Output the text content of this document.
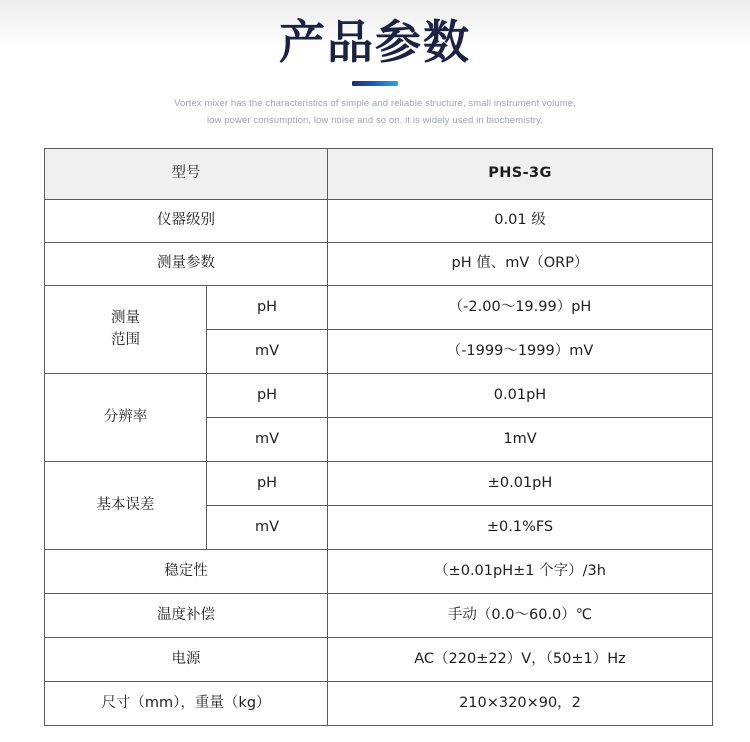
产品参数
Vortex mixer has the characteristics of simple and reliable structure, small instrument volume,
low power consumption, low noise and so on. it is widely used in biochemistry,
型号		PHS-3G
仪器级别		0.01 级
测量参数		pH 值、mV（ORP）
测量
范围	pH	（-2.00～19.99）pH
	mV	（-1999～1999）mV
分辨率	pH	0.01pH
	mV	1mV
基本误差	pH	±0.01pH
	mV	±0.1%FS
稳定性		（±0.01pH±1 个字）/3h
温度补偿		手动（0.0～60.0）℃
电源		AC（220±22）V，（50±1）Hz
尺寸（mm），重量（kg）		210×320×90，2
